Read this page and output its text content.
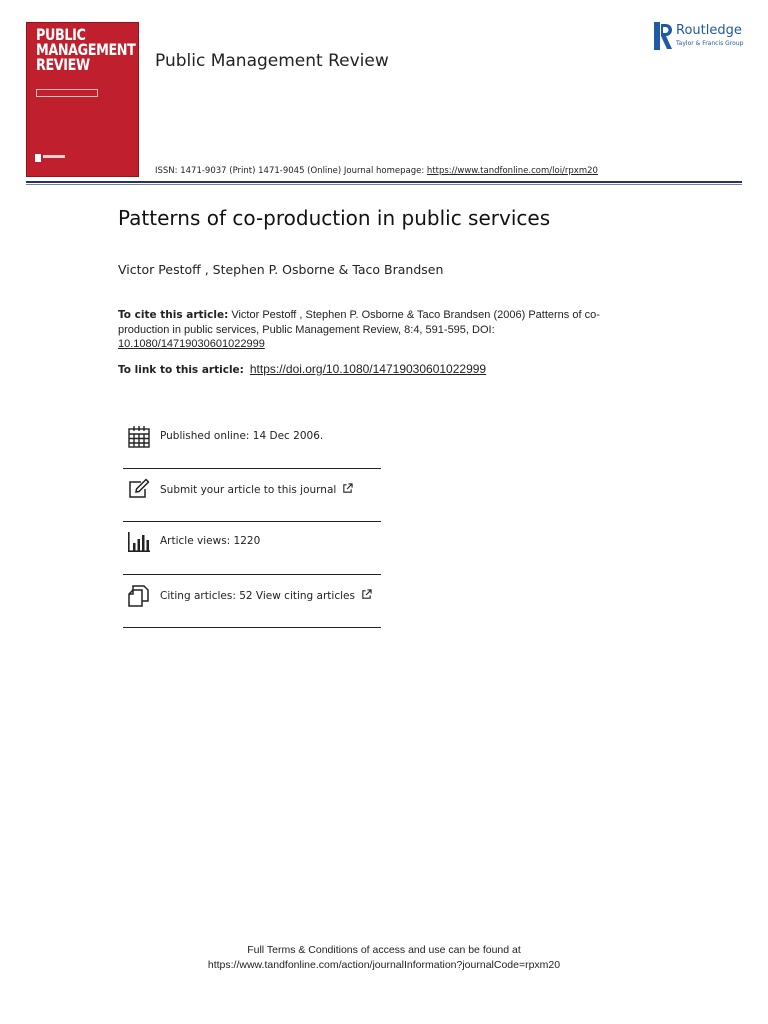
PUBLIC
MANAGEMENT
REVIEW	Public Management Review
Routledge
Taylor & Francis Group
ISSN: 1471-9037 (Print) 1471-9045 (Online) Journal homepage: https://www.tandfonline.com/loi/rpxm20
Patterns of co-production in public services
Victor Pestoff , Stephen P. Osborne & Taco Brandsen
To cite this article: Victor Pestoff , Stephen P. Osborne & Taco Brandsen (2006) Patterns of co-production in public services, Public Management Review, 8:4, 591-595, DOI: 10.1080/14719030601022999
To link to this article: https://doi.org/10.1080/14719030601022999
Published online: 14 Dec 2006.
Submit your article to this journal
Article views: 1220
Citing articles: 52 View citing articles
Full Terms & Conditions of access and use can be found at
https://www.tandfonline.com/action/journalInformation?journalCode=rpxm20
